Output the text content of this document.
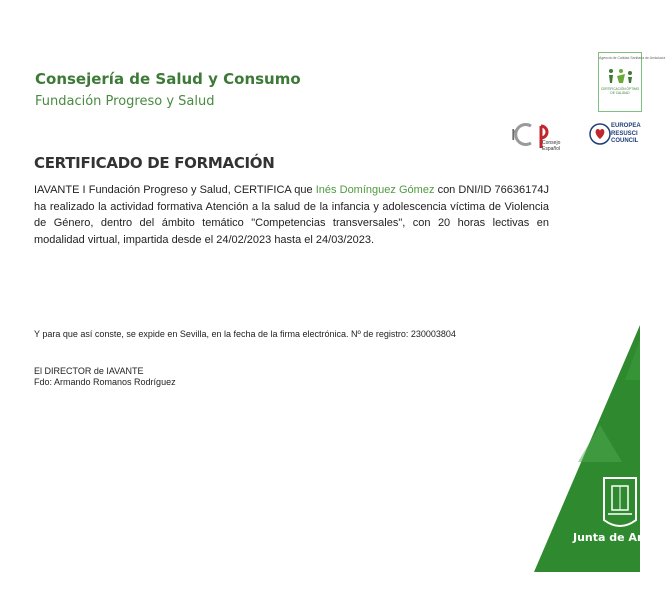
Consejería de Salud y Consumo
Fundación Progreso y Salud
Agencia de Calidad Sanitaria de Andalucía
CERTIFICACIÓN ÓPTIMO DE CALIDAD
r	Consejo Español
EUROPEA
RESUSCI
COUNCIL
CERTIFICADO DE FORMACIÓN
IAVANTE I Fundación Progreso y Salud, CERTIFICA que Inés Domínguez Gómez con DNI/ID 76636174J ha realizado la actividad formativa Atención a la salud de la infancia y adolescencia víctima de Violencia de Género, dentro del ámbito temático "Competencias transversales", con 20 horas lectivas en modalidad virtual, impartida desde el 24/02/2023 hasta el 24/03/2023.
Y para que así conste, se expide en Sevilla, en la fecha de la firma electrónica. Nº de registro: 230003804
El DIRECTOR de IAVANTE
Fdo: Armando Romanos Rodríguez
Junta de And
